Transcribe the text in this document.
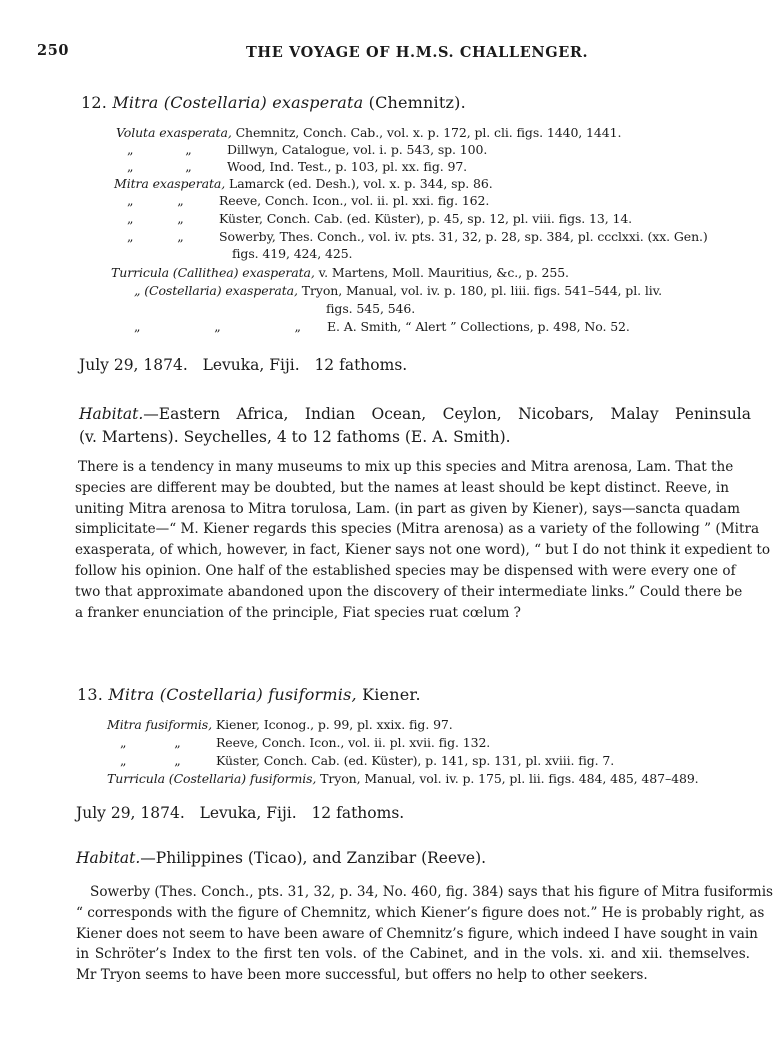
250	THE VOYAGE OF H.M.S. CHALLENGER.
12. Mitra (Costellaria) exasperata (Chemnitz).
Voluta exasperata, Chemnitz, Conch. Cab., vol. x. p. 172, pl. cli. figs. 1440, 1441.
„ „	Dillwyn, Catalogue, vol. i. p. 543, sp. 100.
„ „	Wood, Ind. Test., p. 103, pl. xx. fig. 97.
Mitra exasperata, Lamarck (ed. Desh.), vol. x. p. 344, sp. 86.
„ „	Reeve, Conch. Icon., vol. ii. pl. xxi. fig. 162.
„ „	Küster, Conch. Cab. (ed. Küster), p. 45, sp. 12, pl. viii. figs. 13, 14.
„ „	Sowerby, Thes. Conch., vol. iv. pts. 31, 32, p. 28, sp. 384, pl. ccclxxi. (xx. Gen.)
figs. 419, 424, 425.
Turricula (Callithea) exasperata, v. Martens, Moll. Mauritius, &c., p. 255.
„ (Costellaria) exasperata, Tryon, Manual, vol. iv. p. 180, pl. liii. figs. 541–544, pl. liv.
figs. 545, 546.
„ „ „ E. A. Smith, “ Alert ” Collections, p. 498, No. 52.
July 29, 1874.   Levuka, Fiji.   12 fathoms.
Habitat.—Eastern Africa, Indian Ocean, Ceylon, Nicobars, Malay Peninsula
(v. Martens). Seychelles, 4 to 12 fathoms (E. A. Smith).
There is a tendency in many museums to mix up this species and Mitra arenosa, Lam. That the
species are different may be doubted, but the names at least should be kept distinct. Reeve, in
uniting Mitra arenosa to Mitra torulosa, Lam. (in part as given by Kiener), says—sancta quadam
simplicitate—“ M. Kiener regards this species (Mitra arenosa) as a variety of the following ” (Mitra
exasperata, of which, however, in fact, Kiener says not one word), “ but I do not think it expedient to
follow his opinion. One half of the established species may be dispensed with were every one of
two that approximate abandoned upon the discovery of their intermediate links.” Could there be
a franker enunciation of the principle, Fiat species ruat cœlum ?
13. Mitra (Costellaria) fusiformis, Kiener.
Mitra fusiformis, Kiener, Iconog., p. 99, pl. xxix. fig. 97.
„ „	Reeve, Conch. Icon., vol. ii. pl. xvii. fig. 132.
„ „	Küster, Conch. Cab. (ed. Küster), p. 141, sp. 131, pl. xviii. fig. 7.
Turricula (Costellaria) fusiformis, Tryon, Manual, vol. iv. p. 175, pl. lii. figs. 484, 485, 487–489.
July 29, 1874.   Levuka, Fiji.   12 fathoms.
Habitat.—Philippines (Ticao), and Zanzibar (Reeve).
Sowerby (Thes. Conch., pts. 31, 32, p. 34, No. 460, fig. 384) says that his figure of Mitra fusiformis
“ corresponds with the figure of Chemnitz, which Kiener’s figure does not.” He is probably right, as
Kiener does not seem to have been aware of Chemnitz’s figure, which indeed I have sought in vain
in Schröter’s Index to the first ten vols. of the Cabinet, and in the vols. xi. and xii. themselves.
Mr Tryon seems to have been more successful, but offers no help to other seekers.
